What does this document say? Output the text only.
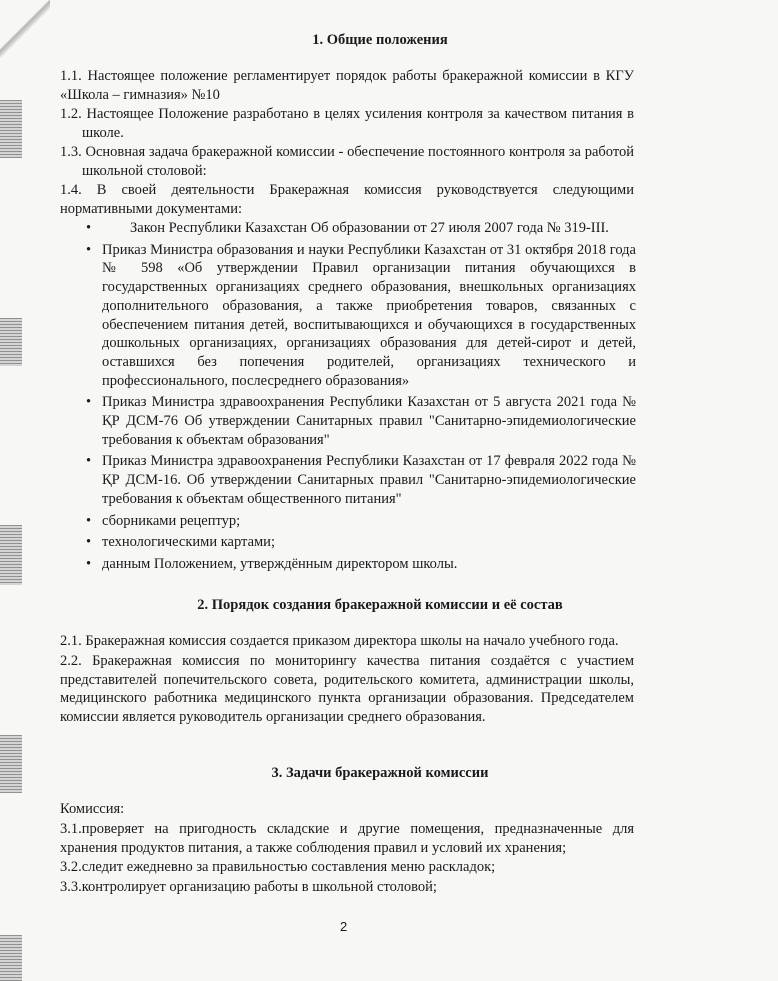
1. Общие положения
1.1. Настоящее положение регламентирует порядок работы бракеражной комиссии в КГУ «Школа – гимназия» №10
1.2. Настоящее Положение разработано в целях усиления контроля за качеством питания в школе.
1.3. Основная задача бракеражной комиссии - обеспечение постоянного контроля за работой школьной столовой:
1.4. В своей деятельности Бракеражная комиссия руководствуется следующими нормативными документами:
•	Закон Республики Казахстан Об образовании от 27 июля 2007 года № 319-III.
• Приказ Министра образования и науки Республики Казахстан от 31 октября 2018 года № 598 «Об утверждении Правил организации питания обучающихся в государственных организациях среднего образования, внешкольных организациях дополнительного образования, а также приобретения товаров, связанных с обеспечением питания детей, воспитывающихся и обучающихся в государственных дошкольных организациях, организациях образования для детей-сирот и детей, оставшихся без попечения родителей, организациях технического и профессионального, послесреднего образования»
• Приказ Министра здравоохранения Республики Казахстан от 5 августа 2021 года № ҚР ДСМ-76 Об утверждении Санитарных правил "Санитарно-эпидемиологические требования к объектам образования"
• Приказ Министра здравоохранения Республики Казахстан от 17 февраля 2022 года № ҚР ДСМ-16. Об утверждении Санитарных правил "Санитарно-эпидемиологические требования к объектам общественного питания"
• сборниками рецептур;
• технологическими картами;
• данным Положением, утверждённым директором школы.
2. Порядок создания бракеражной комиссии и её состав
2.1. Бракеражная комиссия создается приказом директора школы на начало учебного года.
2.2. Бракеражная комиссия по мониторингу качества питания создаётся с участием представителей попечительского совета, родительского комитета, администрации школы, медицинского работника медицинского пункта организации образования. Председателем комиссии является руководитель организации среднего образования.
3. Задачи бракеражной комиссии
Комиссия:
3.1.проверяет на пригодность складские и другие помещения, предназначенные для хранения продуктов питания, а также соблюдения правил и условий их хранения;
3.2.следит ежедневно за правильностью составления меню раскладок;
3.3.контролирует организацию работы в школьной столовой;
2
